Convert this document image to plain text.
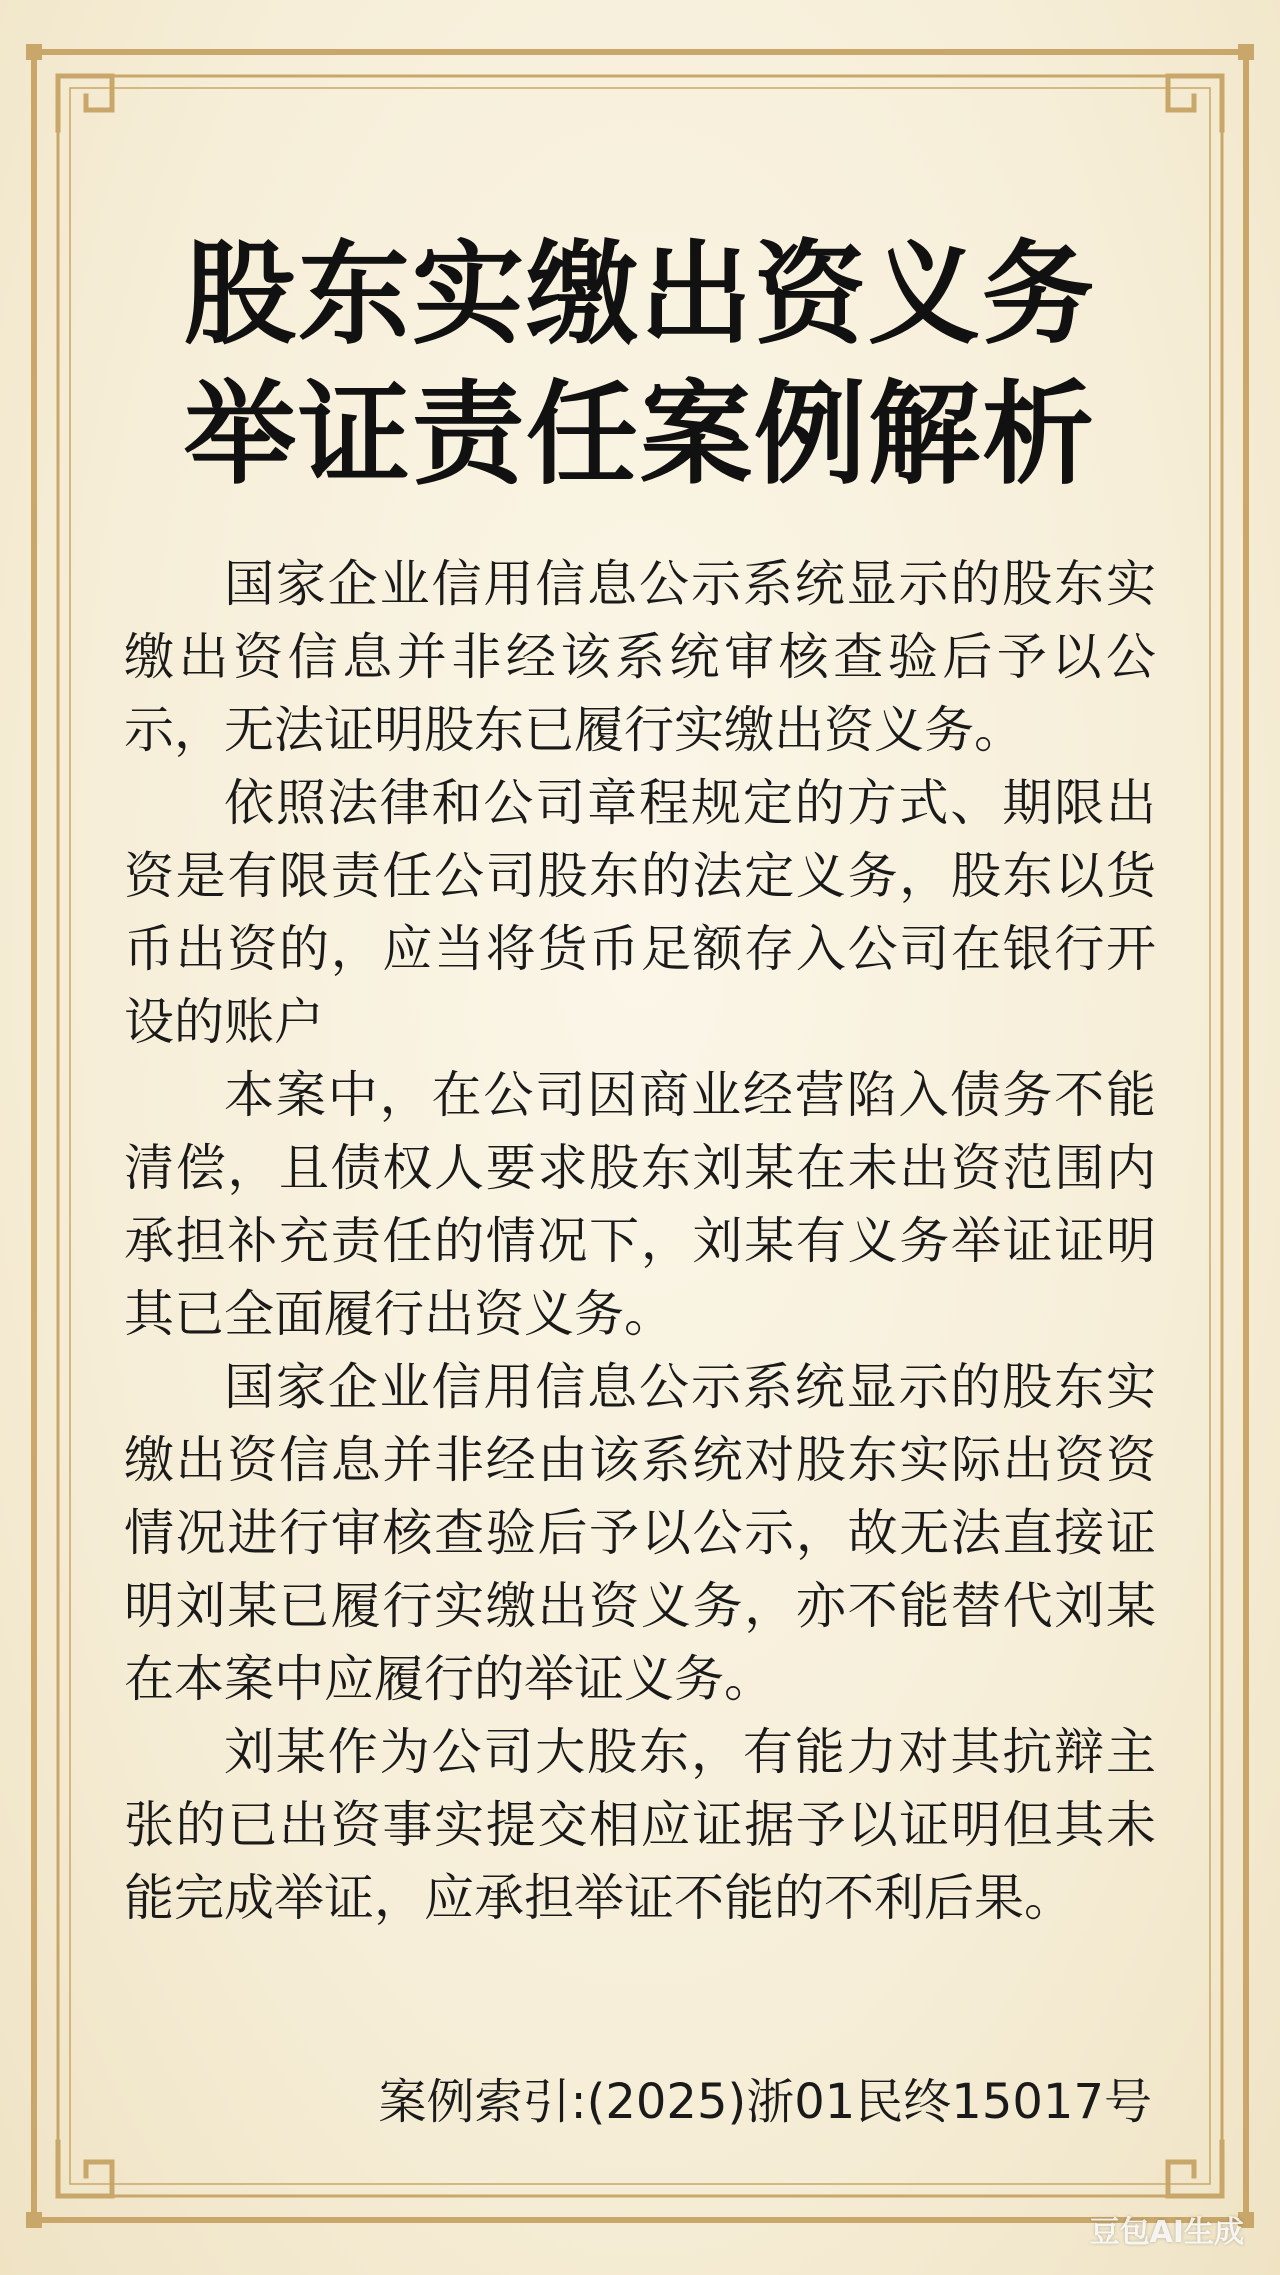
股东实缴出资义务
举证责任案例解析

国家企业信用信息公示系统显示的股东实缴出资信息并非经该系统审核查验后予以公示，无法证明股东已履行实缴出资义务。

依照法律和公司章程规定的方式、期限出资是有限责任公司股东的法定义务，股东以货币出资的，应当将货币足额存入公司在银行开设的账户

本案中，在公司因商业经营陷入债务不能清偿，且债权人要求股东刘某在未出资范围内承担补充责任的情况下，刘某有义务举证证明其已全面履行出资义务。

国家企业信用信息公示系统显示的股东实缴出资信息并非经由该系统对股东实际出资资情况进行审核查验后予以公示，故无法直接证明刘某已履行实缴出资义务，亦不能替代刘某在本案中应履行的举证义务。

刘某作为公司大股东，有能力对其抗辩主张的已出资事实提交相应证据予以证明但其未能完成举证，应承担举证不能的不利后果。

案例索引:(2025)浙01民终15017号
豆包AI生成
